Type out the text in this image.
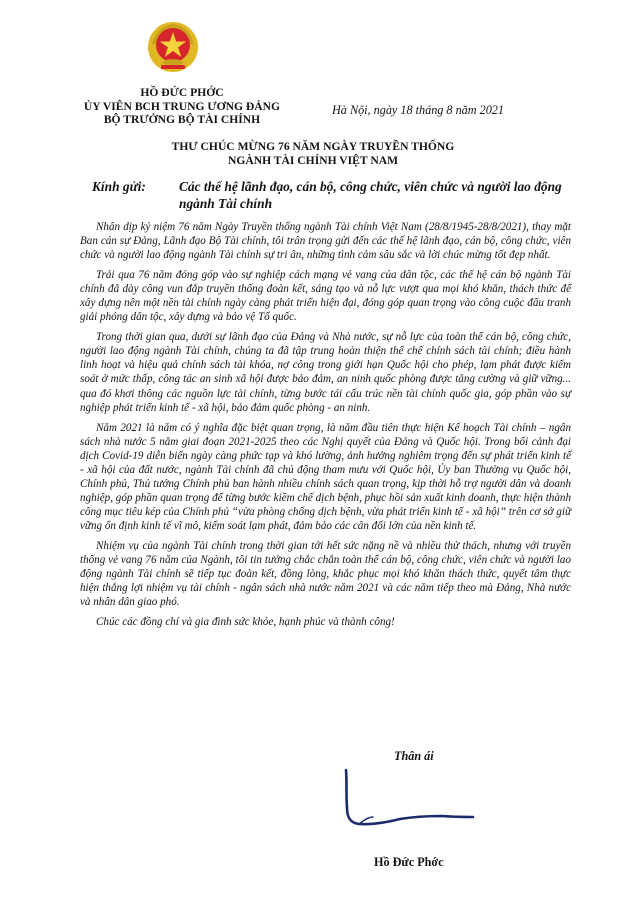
HỒ ĐỨC PHỚC
ỦY VIÊN BCH TRUNG ƯƠNG ĐẢNG
BỘ TRƯỞNG BỘ TÀI CHÍNH
Hà Nội, ngày 18 tháng 8 năm 2021
THƯ CHÚC MỪNG 76 NĂM NGÀY TRUYỀN THỐNG
NGÀNH TÀI CHÍNH VIỆT NAM
Kính gửi: Các thế hệ lãnh đạo, cán bộ, công chức, viên chức và người lao động ngành Tài chính

Nhân dịp kỷ niệm 76 năm Ngày Truyền thống ngành Tài chính Việt Nam (28/8/1945-28/8/2021), thay mặt Ban cán sự Đảng, Lãnh đạo Bộ Tài chính, tôi trân trọng gửi đến các thế hệ lãnh đạo, cán bộ, công chức, viên chức và người lao động ngành Tài chính sự tri ân, những tình cảm sâu sắc và lời chúc mừng tốt đẹp nhất.

Trải qua 76 năm đóng góp vào sự nghiệp cách mạng vẻ vang của dân tộc, các thế hệ cán bộ ngành Tài chính đã dày công vun đắp truyền thống đoàn kết, sáng tạo và nỗ lực vượt qua mọi khó khăn, thách thức để xây dựng nên một nền tài chính ngày càng phát triển hiện đại, đóng góp quan trọng vào công cuộc đấu tranh giải phóng dân tộc, xây dựng và bảo vệ Tổ quốc.

Trong thời gian qua, dưới sự lãnh đạo của Đảng và Nhà nước, sự nỗ lực của toàn thể cán bộ, công chức, người lao động ngành Tài chính, chúng ta đã tập trung hoàn thiện thể chế chính sách tài chính; điều hành linh hoạt và hiệu quả chính sách tài khóa, nợ công trong giới hạn Quốc hội cho phép, lạm phát được kiểm soát ở mức thấp, công tác an sinh xã hội được bảo đảm, an ninh quốc phòng được tăng cường và giữ vững... qua đó khơi thông các nguồn lực tài chính, từng bước tái cấu trúc nền tài chính quốc gia, góp phần vào sự nghiệp phát triển kinh tế - xã hội, bảo đảm quốc phòng - an ninh.

Năm 2021 là năm có ý nghĩa đặc biệt quan trọng, là năm đầu tiên thực hiện Kế hoạch Tài chính – ngân sách nhà nước 5 năm giai đoạn 2021-2025 theo các Nghị quyết của Đảng và Quốc hội. Trong bối cảnh đại dịch Covid-19 diễn biến ngày càng phức tạp và khó lường, ảnh hưởng nghiêm trọng đến sự phát triển kinh tế - xã hội của đất nước, ngành Tài chính đã chủ động tham mưu với Quốc hội, Ủy ban Thường vụ Quốc hội, Chính phủ, Thủ tướng Chính phủ ban hành nhiều chính sách quan trọng, kịp thời hỗ trợ người dân và doanh nghiệp, góp phần quan trọng để từng bước kiềm chế dịch bệnh, phục hồi sản xuất kinh doanh, thực hiện thành công mục tiêu kép của Chính phủ “vừa phòng chống dịch bệnh, vừa phát triển kinh tế - xã hội” trên cơ sở giữ vững ổn định kinh tế vĩ mô, kiểm soát lạm phát, đảm bảo các cân đối lớn của nền kinh tế.

Nhiệm vụ của ngành Tài chính trong thời gian tới hết sức nặng nề và nhiều thử thách, nhưng với truyền thống vẻ vang 76 năm của Ngành, tôi tin tưởng chắc chắn toàn thể cán bộ, công chức, viên chức và người lao động ngành Tài chính sẽ tiếp tục đoàn kết, đồng lòng, khắc phục mọi khó khăn thách thức, quyết tâm thực hiện thắng lợi nhiệm vụ tài chính - ngân sách nhà nước năm 2021 và các năm tiếp theo mà Đảng, Nhà nước và nhân dân giao phó.

Chúc các đồng chí và gia đình sức khỏe, hạnh phúc và thành công!

Thân ái
Hồ Đức Phớc
